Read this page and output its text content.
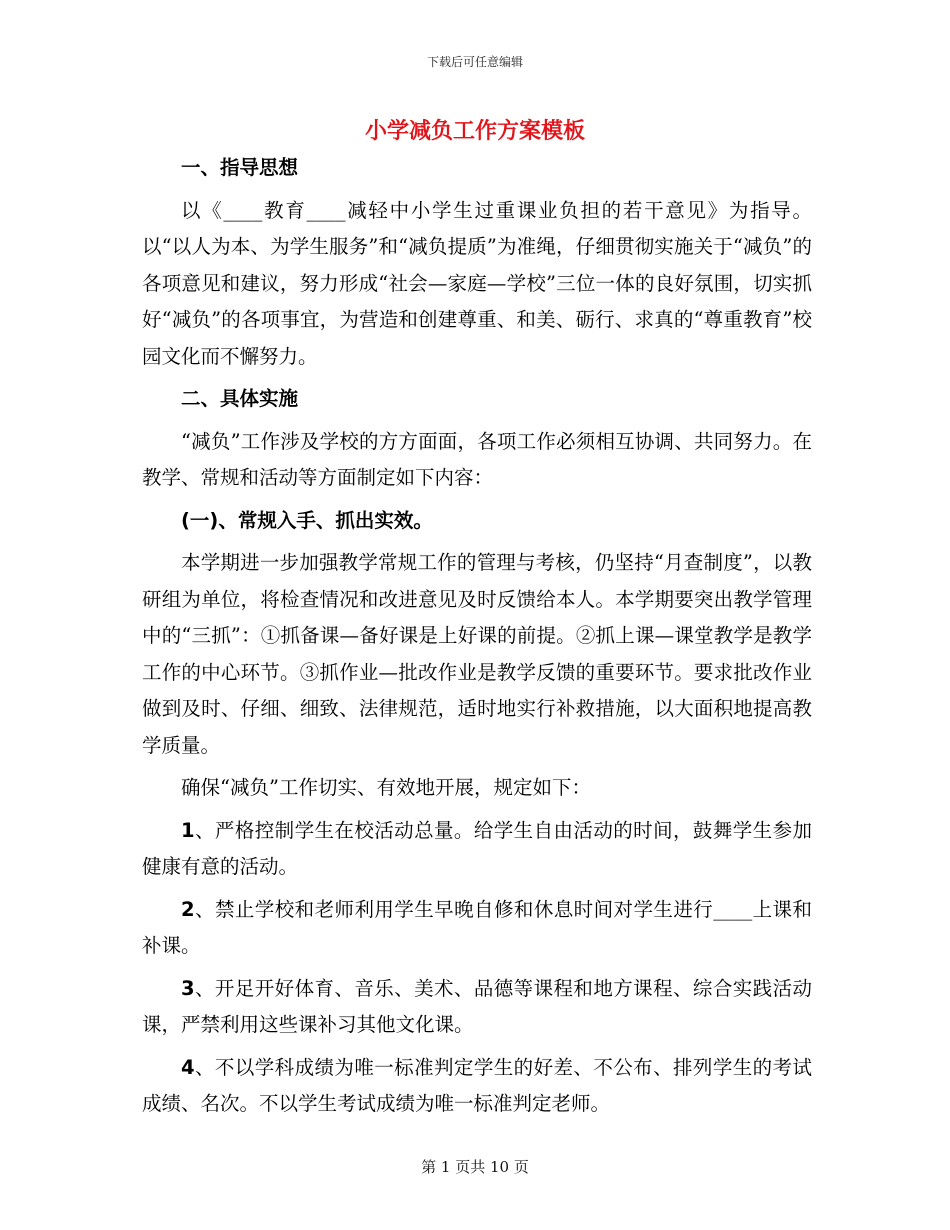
下载后可任意编辑
小学减负工作方案模板
一、指导思想

以《____教育____减轻中小学生过重课业负担的若干意见》为指导。以“以人为本、为学生服务”和“减负提质”为准绳，仔细贯彻实施关于“减负”的各项意见和建议，努力形成“社会—家庭—学校”三位一体的良好氛围，切实抓好“减负”的各项事宜，为营造和创建尊重、和美、砺行、求真的“尊重教育”校园文化而不懈努力。

二、具体实施

“减负”工作涉及学校的方方面面，各项工作必须相互协调、共同努力。在教学、常规和活动等方面制定如下内容：

(一)、常规入手、抓出实效。

本学期进一步加强教学常规工作的管理与考核，仍坚持“月查制度”，以教研组为单位，将检查情况和改进意见及时反馈给本人。本学期要突出教学管理中的“三抓”：①抓备课—备好课是上好课的前提。②抓上课—课堂教学是教学工作的中心环节。③抓作业—批改作业是教学反馈的重要环节。要求批改作业做到及时、仔细、细致、法律规范，适时地实行补救措施，以大面积地提高教学质量。

确保“减负”工作切实、有效地开展，规定如下：

1、严格控制学生在校活动总量。给学生自由活动的时间，鼓舞学生参加健康有意的活动。

2、禁止学校和老师利用学生早晚自修和休息时间对学生进行____上课和补课。

3、开足开好体育、音乐、美术、品德等课程和地方课程、综合实践活动课，严禁利用这些课补习其他文化课。

4、不以学科成绩为唯一标准判定学生的好差、不公布、排列学生的考试成绩、名次。不以学生考试成绩为唯一标准判定老师。

第 1 页共 10 页
